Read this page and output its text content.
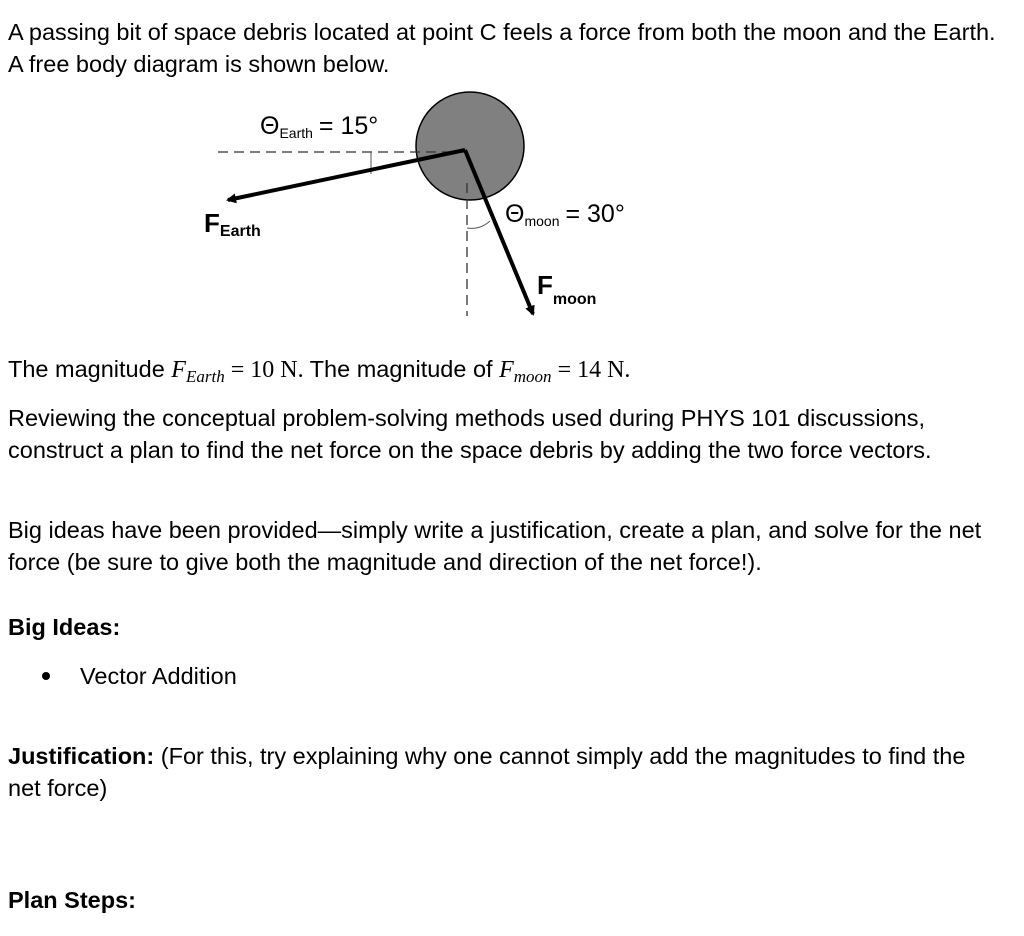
A passing bit of space debris located at point C feels a force from both the moon and the Earth. A free body diagram is shown below.

ΘEarth = 15°
Θmoon = 30°
FEarth
$F_{moon}$

The magnitude $F_{Earth} = 10$ N. The magnitude of $F_{moon} = 14$ N.

Reviewing the conceptual problem-solving methods used during PHYS 101 discussions, construct a plan to find the net force on the space debris by adding the two force vectors.

Big ideas have been provided—simply write a justification, create a plan, and solve for the net force (be sure to give both the magnitude and direction of the net force!).

Big Ideas:

Vector Addition

Justification: (For this, try explaining why one cannot simply add the magnitudes to find the net force)

Plan Steps:
